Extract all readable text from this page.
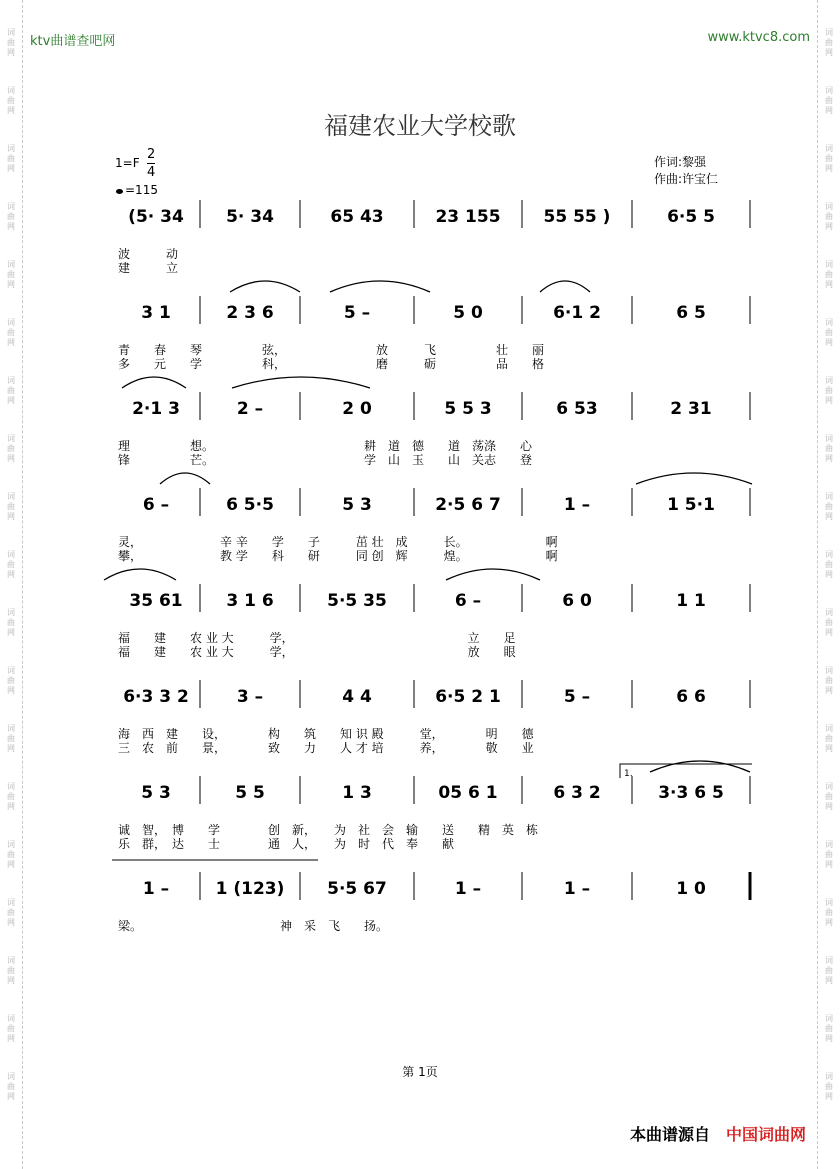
词
曲
网
词
曲
网
词
曲
网
词
曲
网
词
曲
网
词
曲
网
词
曲
网
词
曲
网
词
曲
网
词
曲
网
词
曲
网
词
曲
网
词
曲
网
词
曲
网
词
曲
网
词
曲
网
词
曲
网
词
曲
网
词
曲
网
词
曲
网
词
曲
网
词
曲
网
词
曲
网
词
曲
网
词
曲
网
词
曲
网
词
曲
网
词
曲
网
词
曲
网
词
曲
网
词
曲
网
词
曲
网
词
曲
网
词
曲
网
词
曲
网
词
曲
网
词
曲
网
词
曲
网
ktv曲谱查吧网	www.ktvc8.com
福建农业大学校歌
$1=F \frac{2}{4}$
=115
作词:黎强
作曲:许宝仁
(5· 34 5· 34	65 43	23 155	55 55 )	6·5 5
波　　　动
建　　　立
3 1	2 3 6	5 –	5 0	6·1 2	6 5
青　　春　　琴　　　　　弦，　　　　　　　　放　　　飞　　　　　壮　　丽
多　　元　　学　　　　　科，　　　　　　　　磨　　　砺　　　　　品　　格
2·1 3	2 –	2 0	5 5 3	6 53	2 31
理　　　　　想。　　　　　　　　　　　　　耕　道　德　　道　荡涤　　心
锋　　　　　芒。　　　　　　　　　　　　　学　山　玉　　山　关志　　登
6 –	6 5·5	5 3	2·5 6 7	1 –	1 5·1
灵，　　　　　　　辛 辛　　学　　子　　　茁 壮　成　　　长。　　　　　　　啊
攀，　　　　　　　教 学　　科　　研　　　同 创　辉　　　煌。　　　　　　　啊
35 61	3 1 6	5·5 35	6 –	6 0	1 1
福　　建　　农 业 大　　　学，　　　　　　　　　　　　　　　立　　足
福　　建　　农 业 大　　　学，　　　　　　　　　　　　　　　放　　眼
6·3 3 2	3 –	4 4	6·5 2 1	5 –	6 6
海　西　建　　设，　　　　构　　筑　　知 识 殿　　　堂，　　　　明　　德
三　农　前　　景，　　　　致　　力　　人 才 培　　　养，　　　　敬　　业
5 3	5 5	1 3	05 6 1	6 3 2	3·3 6 5
诚　智，　博　　学　　　　创　新，　　为　社　会　输　　送　　精　英　栋
乐　群，　达　　士　　　　通　人，　　为　时　代　奉　　献
1 –	1 (123)	5·5 67	1 –	1 –	1 0
梁。　　　　　　　　　　　　神　采　飞　　扬。
1.
第 1页
本曲谱源自 中国词曲网
